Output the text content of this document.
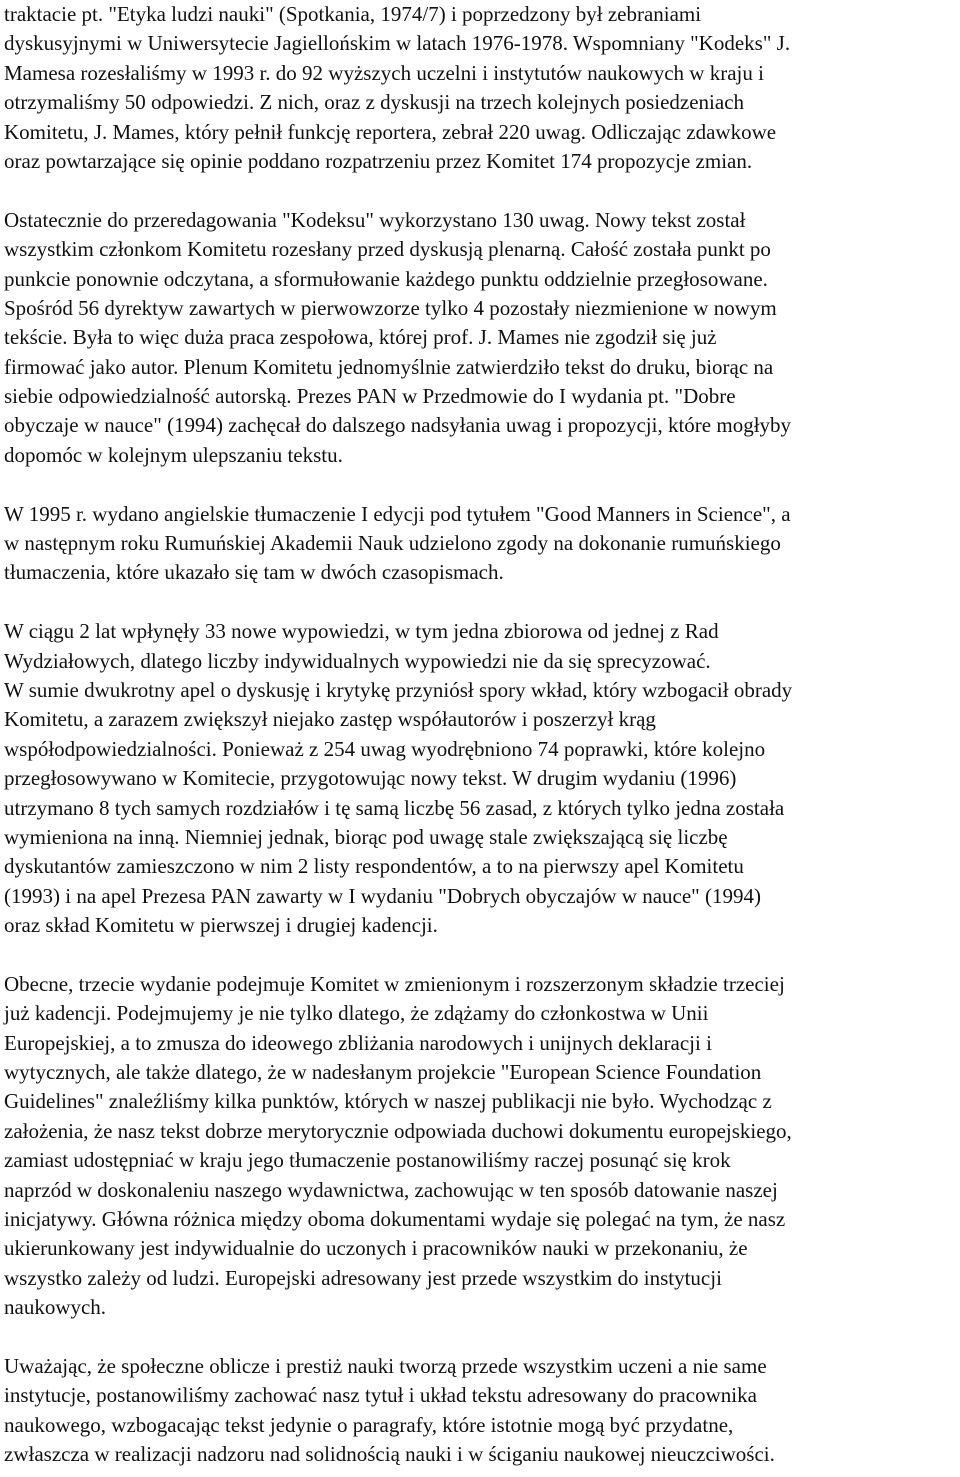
traktacie pt. "Etyka ludzi nauki" (Spotkania, 1974/7) i poprzedzony był zebraniami
dyskusyjnymi w Uniwersytecie Jagiellońskim w latach 1976-1978. Wspomniany "Kodeks" J.
Mamesa rozesłaliśmy w 1993 r. do 92 wyższych uczelni i instytutów naukowych w kraju i
otrzymaliśmy 50 odpowiedzi. Z nich, oraz z dyskusji na trzech kolejnych posiedzeniach
Komitetu, J. Mames, który pełnił funkcję reportera, zebrał 220 uwag. Odliczając zdawkowe
oraz powtarzające się opinie poddano rozpatrzeniu przez Komitet 174 propozycje zmian.
Ostatecznie do przeredagowania "Kodeksu" wykorzystano 130 uwag. Nowy tekst został
wszystkim członkom Komitetu rozesłany przed dyskusją plenarną. Całość została punkt po
punkcie ponownie odczytana, a sformułowanie każdego punktu oddzielnie przegłosowane.
Spośród 56 dyrektyw zawartych w pierwowzorze tylko 4 pozostały niezmienione w nowym
tekście. Była to więc duża praca zespołowa, której prof. J. Mames nie zgodził się już
firmować jako autor. Plenum Komitetu jednomyślnie zatwierdziło tekst do druku, biorąc na
siebie odpowiedzialność autorską. Prezes PAN w Przedmowie do I wydania pt. "Dobre
obyczaje w nauce" (1994) zachęcał do dalszego nadsyłania uwag i propozycji, które mogłyby
dopomóc w kolejnym ulepszaniu tekstu.
W 1995 r. wydano angielskie tłumaczenie I edycji pod tytułem "Good Manners in Science", a
w następnym roku Rumuńskiej Akademii Nauk udzielono zgody na dokonanie rumuńskiego
tłumaczenia, które ukazało się tam w dwóch czasopismach.
W ciągu 2 lat wpłynęły 33 nowe wypowiedzi, w tym jedna zbiorowa od jednej z Rad
Wydziałowych, dlatego liczby indywidualnych wypowiedzi nie da się sprecyzować.
W sumie dwukrotny apel o dyskusję i krytykę przyniósł spory wkład, który wzbogacił obrady
Komitetu, a zarazem zwiększył niejako zastęp współautorów i poszerzył krąg
współodpowiedzialności. Ponieważ z 254 uwag wyodrębniono 74 poprawki, które kolejno
przegłosowywano w Komitecie, przygotowując nowy tekst. W drugim wydaniu (1996)
utrzymano 8 tych samych rozdziałów i tę samą liczbę 56 zasad, z których tylko jedna została
wymieniona na inną. Niemniej jednak, biorąc pod uwagę stale zwiększającą się liczbę
dyskutantów zamieszczono w nim 2 listy respondentów, a to na pierwszy apel Komitetu
(1993) i na apel Prezesa PAN zawarty w I wydaniu "Dobrych obyczajów w nauce" (1994)
oraz skład Komitetu w pierwszej i drugiej kadencji.
Obecne, trzecie wydanie podejmuje Komitet w zmienionym i rozszerzonym składzie trzeciej
już kadencji. Podejmujemy je nie tylko dlatego, że zdążamy do członkostwa w Unii
Europejskiej, a to zmusza do ideowego zbliżania narodowych i unijnych deklaracji i
wytycznych, ale także dlatego, że w nadesłanym projekcie "European Science Foundation
Guidelines" znaleźliśmy kilka punktów, których w naszej publikacji nie było. Wychodząc z
założenia, że nasz tekst dobrze merytorycznie odpowiada duchowi dokumentu europejskiego,
zamiast udostępniać w kraju jego tłumaczenie postanowiliśmy raczej posunąć się krok
naprzód w doskonaleniu naszego wydawnictwa, zachowując w ten sposób datowanie naszej
inicjatywy. Główna różnica między oboma dokumentami wydaje się polegać na tym, że nasz
ukierunkowany jest indywidualnie do uczonych i pracowników nauki w przekonaniu, że
wszystko zależy od ludzi. Europejski adresowany jest przede wszystkim do instytucji
naukowych.
Uważając, że społeczne oblicze i prestiż nauki tworzą przede wszystkim uczeni a nie same
instytucje, postanowiliśmy zachować nasz tytuł i układ tekstu adresowany do pracownika
naukowego, wzbogacając tekst jedynie o paragrafy, które istotnie mogą być przydatne,
zwłaszcza w realizacji nadzoru nad solidnością nauki i w ściganiu naukowej nieuczciwości.
